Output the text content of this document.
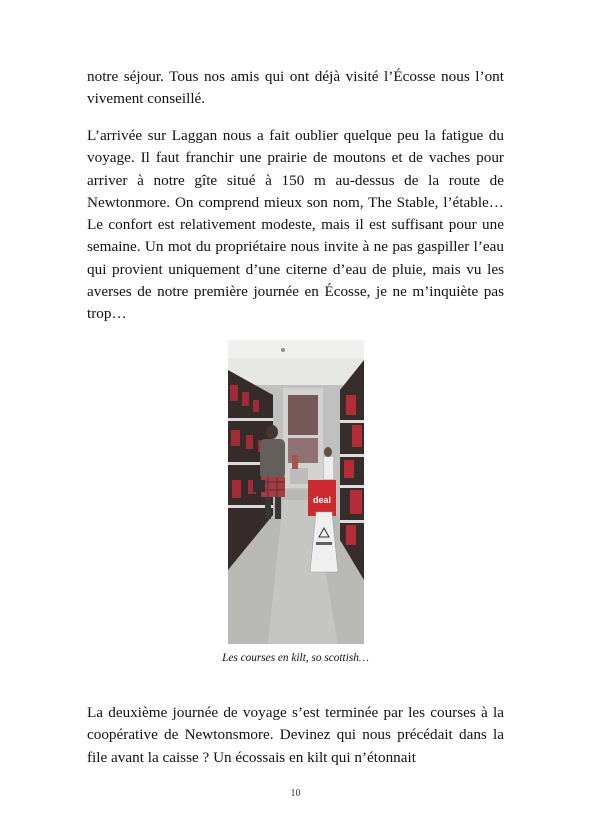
notre séjour. Tous nos amis qui ont déjà visité l’Écosse nous l’ont vivement conseillé.

L’arrivée sur Laggan nous a fait oublier quelque peu la fatigue du voyage. Il faut franchir une prairie de moutons et de vaches pour arriver à notre gîte situé à 150 m au-dessus de la route de Newtonmore. On comprend mieux son nom, The Stable, l’étable… Le confort est relativement modeste, mais il est suffisant pour une semaine. Un mot du propriétaire nous invite à ne pas gaspiller l’eau qui provient uniquement d’une citerne d’eau de pluie, mais vu les averses de notre première journée en Écosse, je ne m’inquiète pas trop…

deal

Les courses en kilt, so scottish…

La deuxième journée de voyage s’est terminée par les courses à la coopérative de Newtonsmore. Devinez qui nous précédait dans la file avant la caisse ? Un écossais en kilt qui n’étonnait

10
